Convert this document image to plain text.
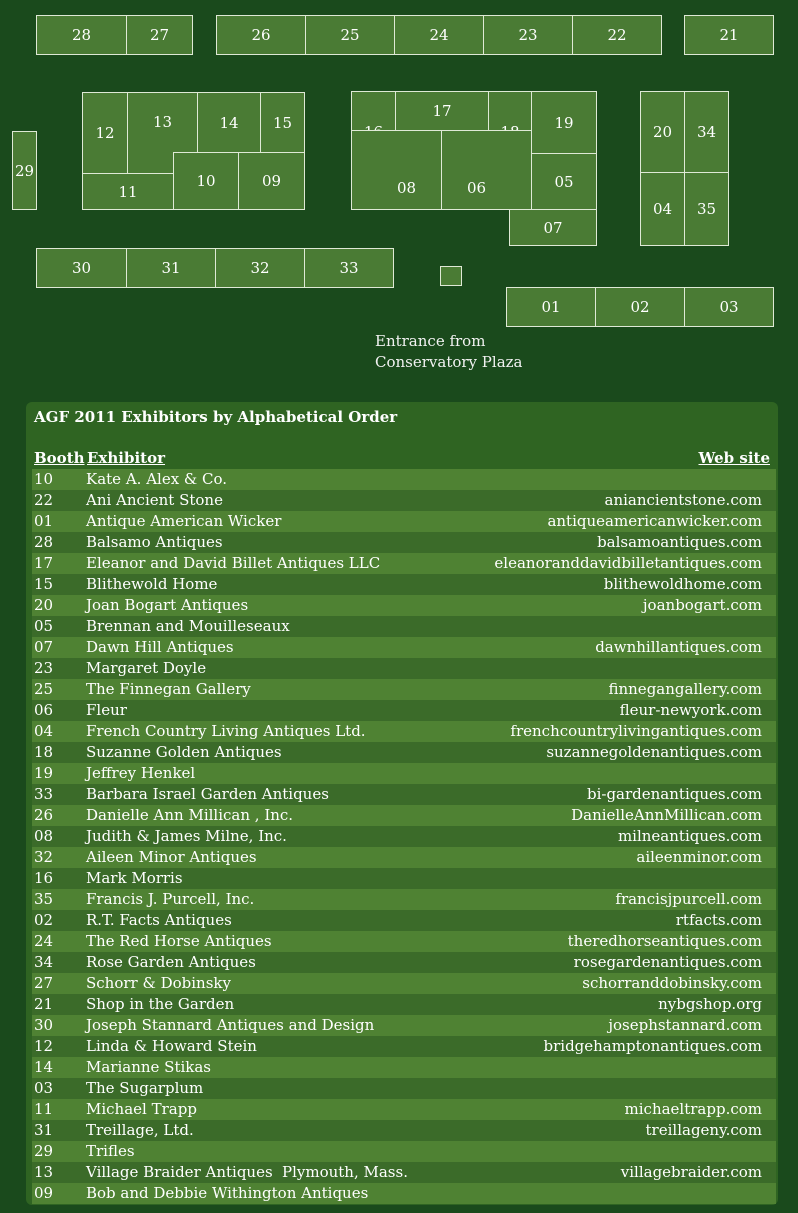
28	27	26	25	24	23	22	21
29
12
13	14 15
11
10	09
17
19
08	06	05
07
20 34
04 35
30	31	32	33
01	02	03
Entrance from
Conservatory Plaza
AGF 2011 Exhibitors by Alphabetical Order
Booth Exhibitor	Web site
10 Kate A. Alex & Co.
22 Ani Ancient Stone	aniancientstone.com
01 Antique American Wicker	antiqueamericanwicker.com
28 Balsamo Antiques	balsamoantiques.com
17 Eleanor and David Billet Antiques LLC	eleanoranddavidbilletantiques.com
15 Blithewold Home	blithewoldhome.com
20 Joan Bogart Antiques	joanbogart.com
05 Brennan and Mouilleseaux
07 Dawn Hill Antiques	dawnhillantiques.com
23 Margaret Doyle
25 The Finnegan Gallery	finnegangallery.com
06 Fleur	fleur-newyork.com
04 French Country Living Antiques Ltd.	frenchcountrylivingantiques.com
18 Suzanne Golden Antiques	suzannegoldenantiques.com
19 Jeffrey Henkel
33 Barbara Israel Garden Antiques	bi-gardenantiques.com
26 Danielle Ann Millican , Inc.	DanielleAnnMillican.com
08 Judith & James Milne, Inc.	milneantiques.com
32 Aileen Minor Antiques	aileenminor.com
16 Mark Morris
35 Francis J. Purcell, Inc.	francisjpurcell.com
02 R.T. Facts Antiques	rtfacts.com
24 The Red Horse Antiques	theredhorseantiques.com
34 Rose Garden Antiques	rosegardenantiques.com
27 Schorr & Dobinsky	schorranddobinsky.com
21 Shop in the Garden	nybgshop.org
30 Joseph Stannard Antiques and Design	josephstannard.com
12 Linda & Howard Stein	bridgehamptonantiques.com
14 Marianne Stikas
03 The Sugarplum
11 Michael Trapp	michaeltrapp.com
31 Treillage, Ltd.	treillageny.com
29 Trifles
13 Village Braider Antiques Plymouth, Mass.	villagebraider.com
09 Bob and Debbie Withington Antiques
